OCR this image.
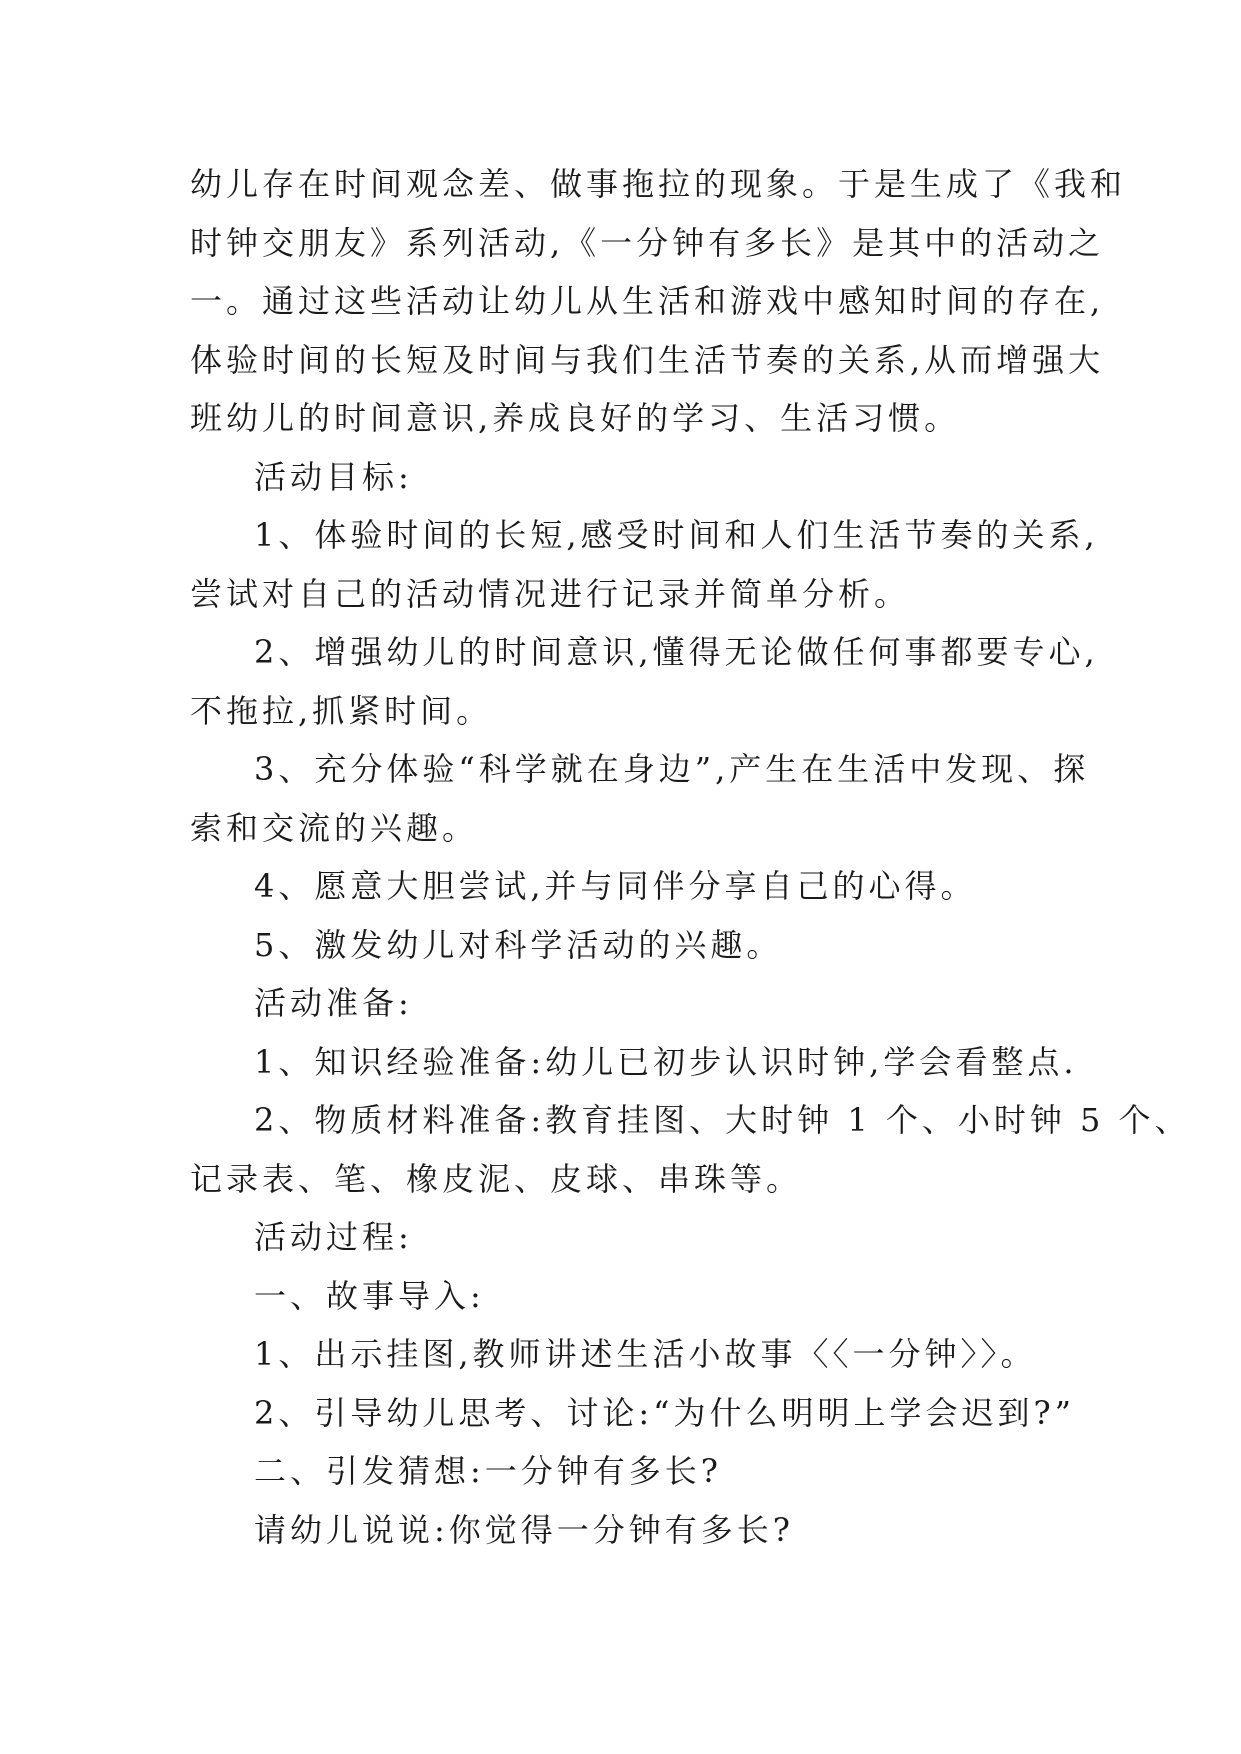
幼儿存在时间观念差、做事拖拉的现象。于是生成了《我和
时钟交朋友》系列活动,《一分钟有多长》是其中的活动之
一。通过这些活动让幼儿从生活和游戏中感知时间的存在,
体验时间的长短及时间与我们生活节奏的关系,从而增强大
班幼儿的时间意识,养成良好的学习、生活习惯。
活动目标:
1、体验时间的长短,感受时间和人们生活节奏的关系,
尝试对自己的活动情况进行记录并简单分析。
2、增强幼儿的时间意识,懂得无论做任何事都要专心,
不拖拉,抓紧时间。
3、充分体验“科学就在身边”,产生在生活中发现、探
索和交流的兴趣。
4、愿意大胆尝试,并与同伴分享自己的心得。
5、激发幼儿对科学活动的兴趣。
活动准备:
1、知识经验准备:幼儿已初步认识时钟,学会看整点.
2、物质材料准备:教育挂图、大时钟 1 个、小时钟 5 个、
记录表、笔、橡皮泥、皮球、串珠等。
活动过程:
一、故事导入:
1、出示挂图,教师讲述生活小故事〈〈一分钟〉〉。
2、引导幼儿思考、讨论:“为什么明明上学会迟到?”
二、引发猜想:一分钟有多长?
请幼儿说说:你觉得一分钟有多长?
